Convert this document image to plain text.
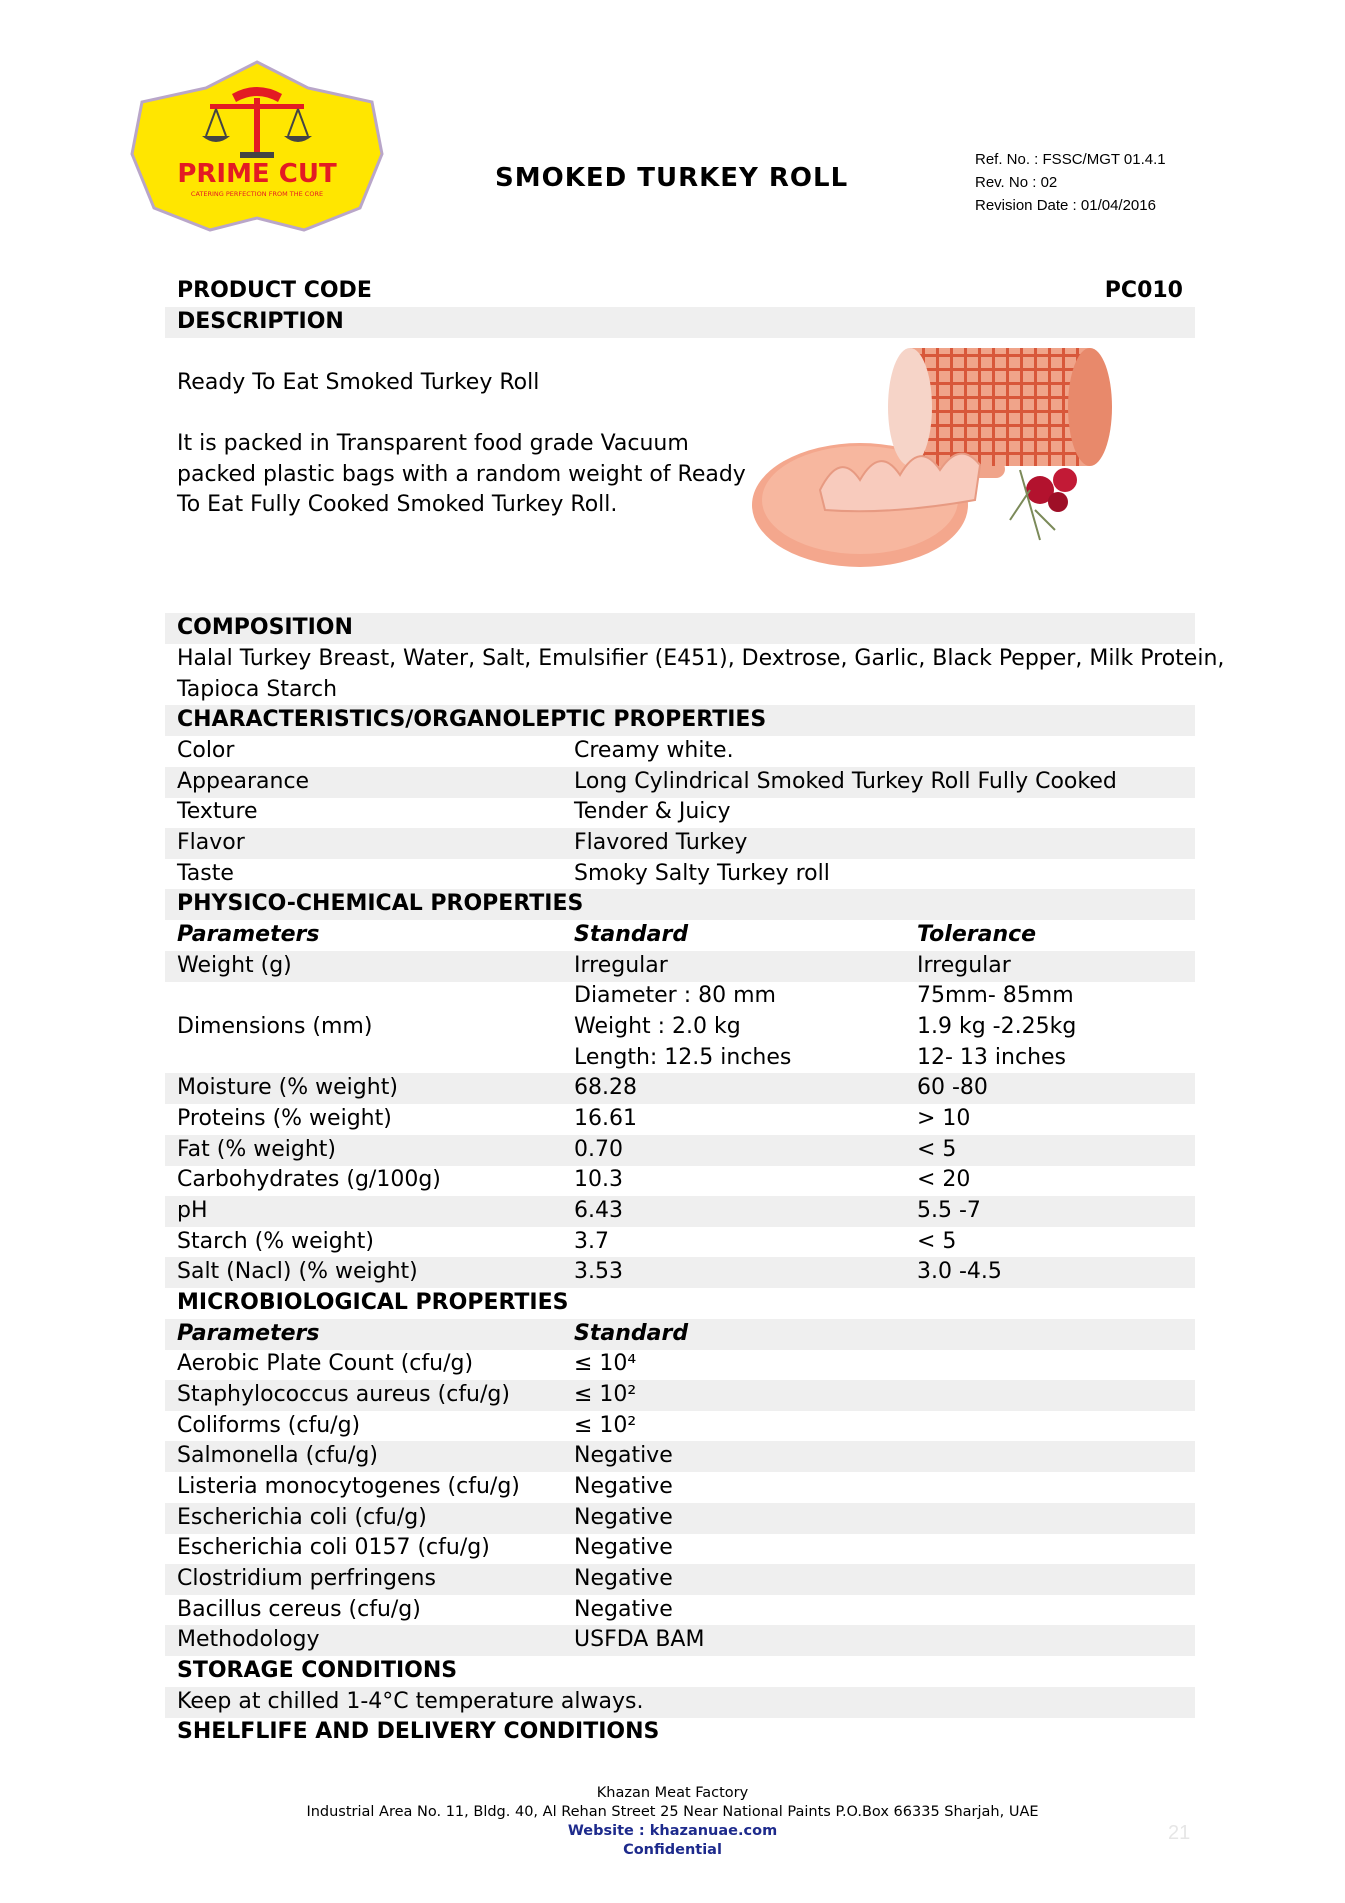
PRIME CUT
CATERING PERFECTION FROM THE CORE
SMOKED TURKEY ROLL
Ref. No. : FSSC/MGT 01.4.1
Rev. No : 02
Revision Date : 01/04/2016
PRODUCT CODE	PC010
DESCRIPTION
Ready To Eat Smoked Turkey Roll
It is packed in Transparent food grade Vacuum
packed plastic bags with a random weight of Ready
To Eat Fully Cooked Smoked Turkey Roll.
COMPOSITION
Halal Turkey Breast, Water, Salt, Emulsifier (E451), Dextrose, Garlic, Black Pepper, Milk Protein,
Tapioca Starch
CHARACTERISTICS/ORGANOLEPTIC PROPERTIES
Color	Creamy white.
Appearance	Long Cylindrical Smoked Turkey Roll Fully Cooked
Texture	Tender & Juicy
Flavor	Flavored Turkey
Taste	Smoky Salty Turkey roll
PHYSICO-CHEMICAL PROPERTIES
Parameters	Standard	Tolerance
Weight (g)	Irregular	Irregular
Diameter : 80 mm	75mm- 85mm
Dimensions (mm)	Weight : 2.0 kg	1.9 kg -2.25kg
Length: 12.5 inches	12- 13 inches
Moisture (% weight)	68.28	60 -80
Proteins (% weight)	16.61	> 10
Fat (% weight)	0.70	< 5
Carbohydrates (g/100g)	10.3	< 20
pH	6.43	5.5 -7
Starch (% weight)	3.7	< 5
Salt (Nacl) (% weight)	3.53	3.0 -4.5
MICROBIOLOGICAL PROPERTIES
Parameters	Standard
Aerobic Plate Count (cfu/g)	≤ 10⁴
Staphylococcus aureus (cfu/g)	≤ 10²
Coliforms (cfu/g)	≤ 10²
Salmonella (cfu/g)	Negative
Listeria monocytogenes (cfu/g) Negative
Escherichia coli (cfu/g)	Negative
Escherichia coli 0157 (cfu/g)	Negative
Clostridium perfringens	Negative
Bacillus cereus (cfu/g)	Negative
Methodology	USFDA BAM
STORAGE CONDITIONS
Keep at chilled 1-4°C temperature always.
SHELFLIFE AND DELIVERY CONDITIONS
Khazan Meat Factory
Industrial Area No. 11, Bldg. 40, Al Rehan Street 25 Near National Paints P.O.Box 66335 Sharjah, UAE
Website : khazanuae.com
Confidential
21
